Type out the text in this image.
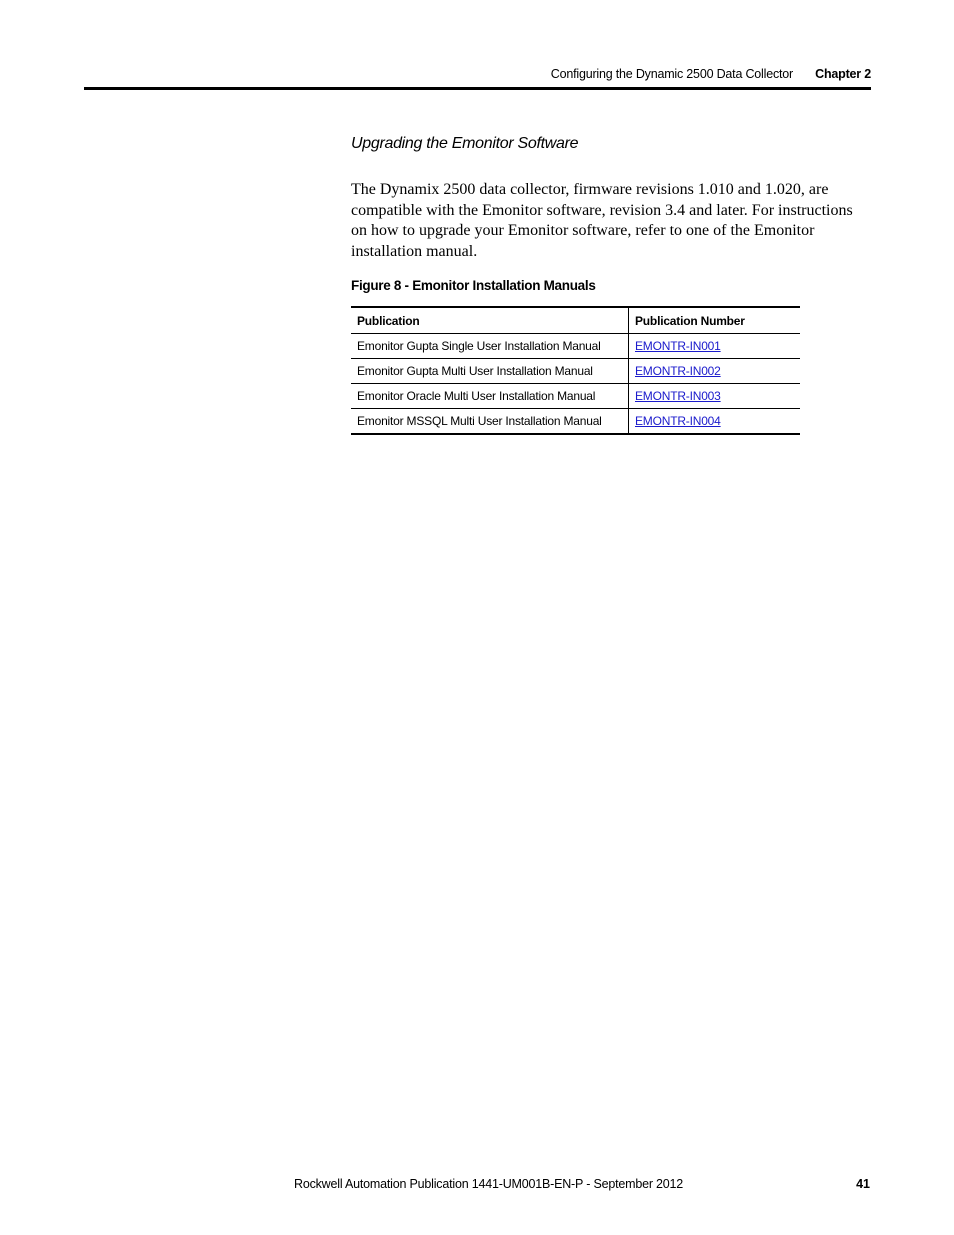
Configuring the Dynamic 2500 Data Collector Chapter 2
Upgrading the Emonitor Software
The Dynamix 2500 data collector, firmware revisions 1.010 and 1.020, are compatible with the Emonitor software, revision 3.4 and later. For instructions on how to upgrade your Emonitor software, refer to one of the Emonitor installation manual.
Figure 8 - Emonitor Installation Manuals
Publication	Publication Number
Emonitor Gupta Single User Installation Manual	EMONTR-IN001
Emonitor Gupta Multi User Installation Manual	EMONTR-IN002
Emonitor Oracle Multi User Installation Manual	EMONTR-IN003
Emonitor MSSQL Multi User Installation Manual	EMONTR-IN004
Rockwell Automation Publication 1441-UM001B-EN-P - September 2012	41
